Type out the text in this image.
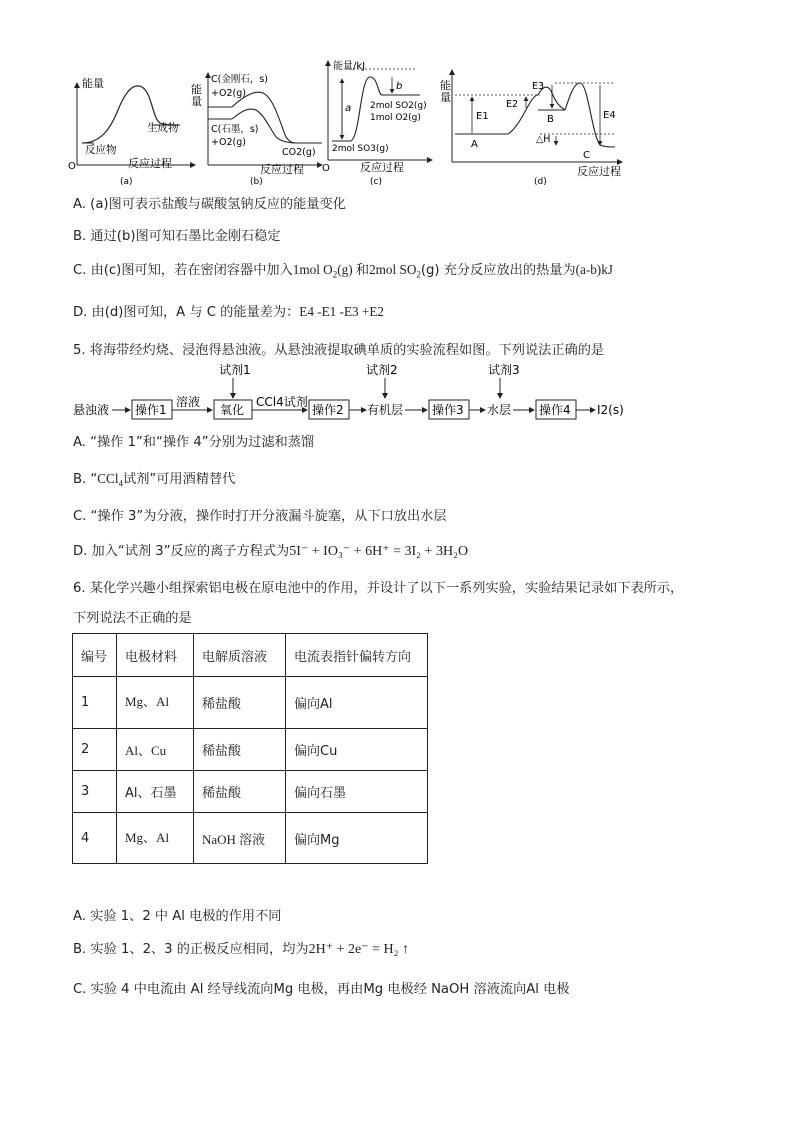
能量
O	反应过程
反应物
生成物
(a)
能
量
C(金刚石，s)
+O2(g)
C(石墨，s)
+O2(g)
CO2(g)
反应过程
(b)
能量/kJ
O	反应过程
a
b
2mol SO2(g)
1mol O2(g)
2mol SO3(g)
(c)
能
量
E1
E2
E3
E4
△H
A
B
C
反应过程
(d)
A. (a)图可表示盐酸与碳酸氢钠反应的能量变化
B. 通过(b)图可知石墨比金刚石稳定
C. 由(c)图可知，若在密闭容器中加入1mol $O_2(g)$ 和2mol $SO_2(g)$ 充分反应放出的热量为(a-b)kJ
D. 由(d)图可知，A 与 C 的能量差为：E4 -E1 -E3 +E2
5. 将海带经灼烧、浸泡得悬浊液。从悬浊液提取碘单质的实验流程如图。下列说法正确的是
悬浊液 操作1
溶液
试剂1
氧化
CCl4试剂
操作2
试剂2
有机层 操作3
试剂3
水层 操作4 I2(s)
A. “操作 1”和“操作 4”分别为过滤和蒸馏
B. “CCl$_4$试剂”可用酒精替代
C. “操作 3”为分液，操作时打开分液漏斗旋塞，从下口放出水层
D. 加入“试剂 3”反应的离子方程式为5I⁻ + IO₃⁻ + 6H⁺ = 3I₂ + 3H₂O
6. 某化学兴趣小组探索铝电极在原电池中的作用，并设计了以下一系列实验，实验结果记录如下表所示，
下列说法不正确的是
编号	电极材料	电解质溶液	电流表指针偏转方向
1	Mg、Al	稀盐酸	偏向Al
2	Al、Cu	稀盐酸	偏向Cu
3	Al、石墨	稀盐酸	偏向石墨
4	Mg、Al	NaOH 溶液	偏向Mg
A. 实验 1、2 中 Al 电极的作用不同
B. 实验 1、2、3 的正极反应相同，均为2H⁺ + 2e⁻ = H₂ ↑
C. 实验 4 中电流由 Al 经导线流向Mg 电极，再由Mg 电极经 NaOH 溶液流向Al 电极
